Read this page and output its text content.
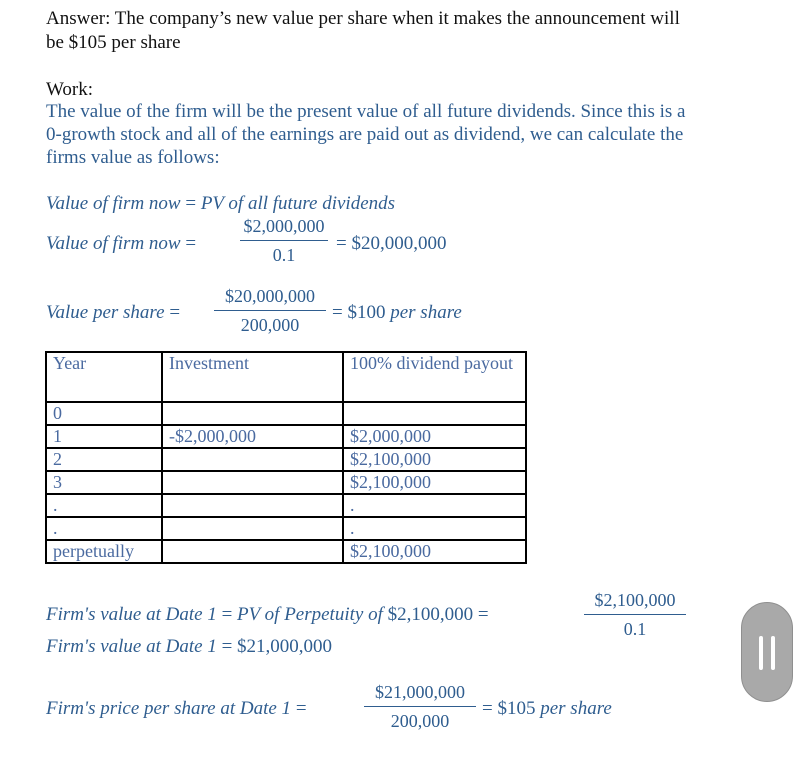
Answer: The company’s new value per share when it makes the announcement will
be $105 per share
Work:
The value of the firm will be the present value of all future dividends. Since this is a
0-growth stock and all of the earnings are paid out as dividend, we can calculate the
firms value as follows:
Value of firm now = PV of all future dividends
Value of firm now = $\frac{\$2,000,000}{0.1}$ = $20,000,000
Value per share = $\frac{\$20,000,000}{200,000}$ = $100 per share
Year	Investment	100% dividend payout
0		
1	-$2,000,000	$2,000,000
2		$2,100,000
3		$2,100,000
.		.
.		.
perpetually		$2,100,000
Firm's value at Date 1 = PV of Perpetuity of $2,100,000 =	$\frac{\$2,100,000}{0.1}$
Firm's value at Date 1 = $21,000,000
Firm's price per share at Date 1 =	$\frac{\$21,000,000}{200,000}$ = $105 per share
